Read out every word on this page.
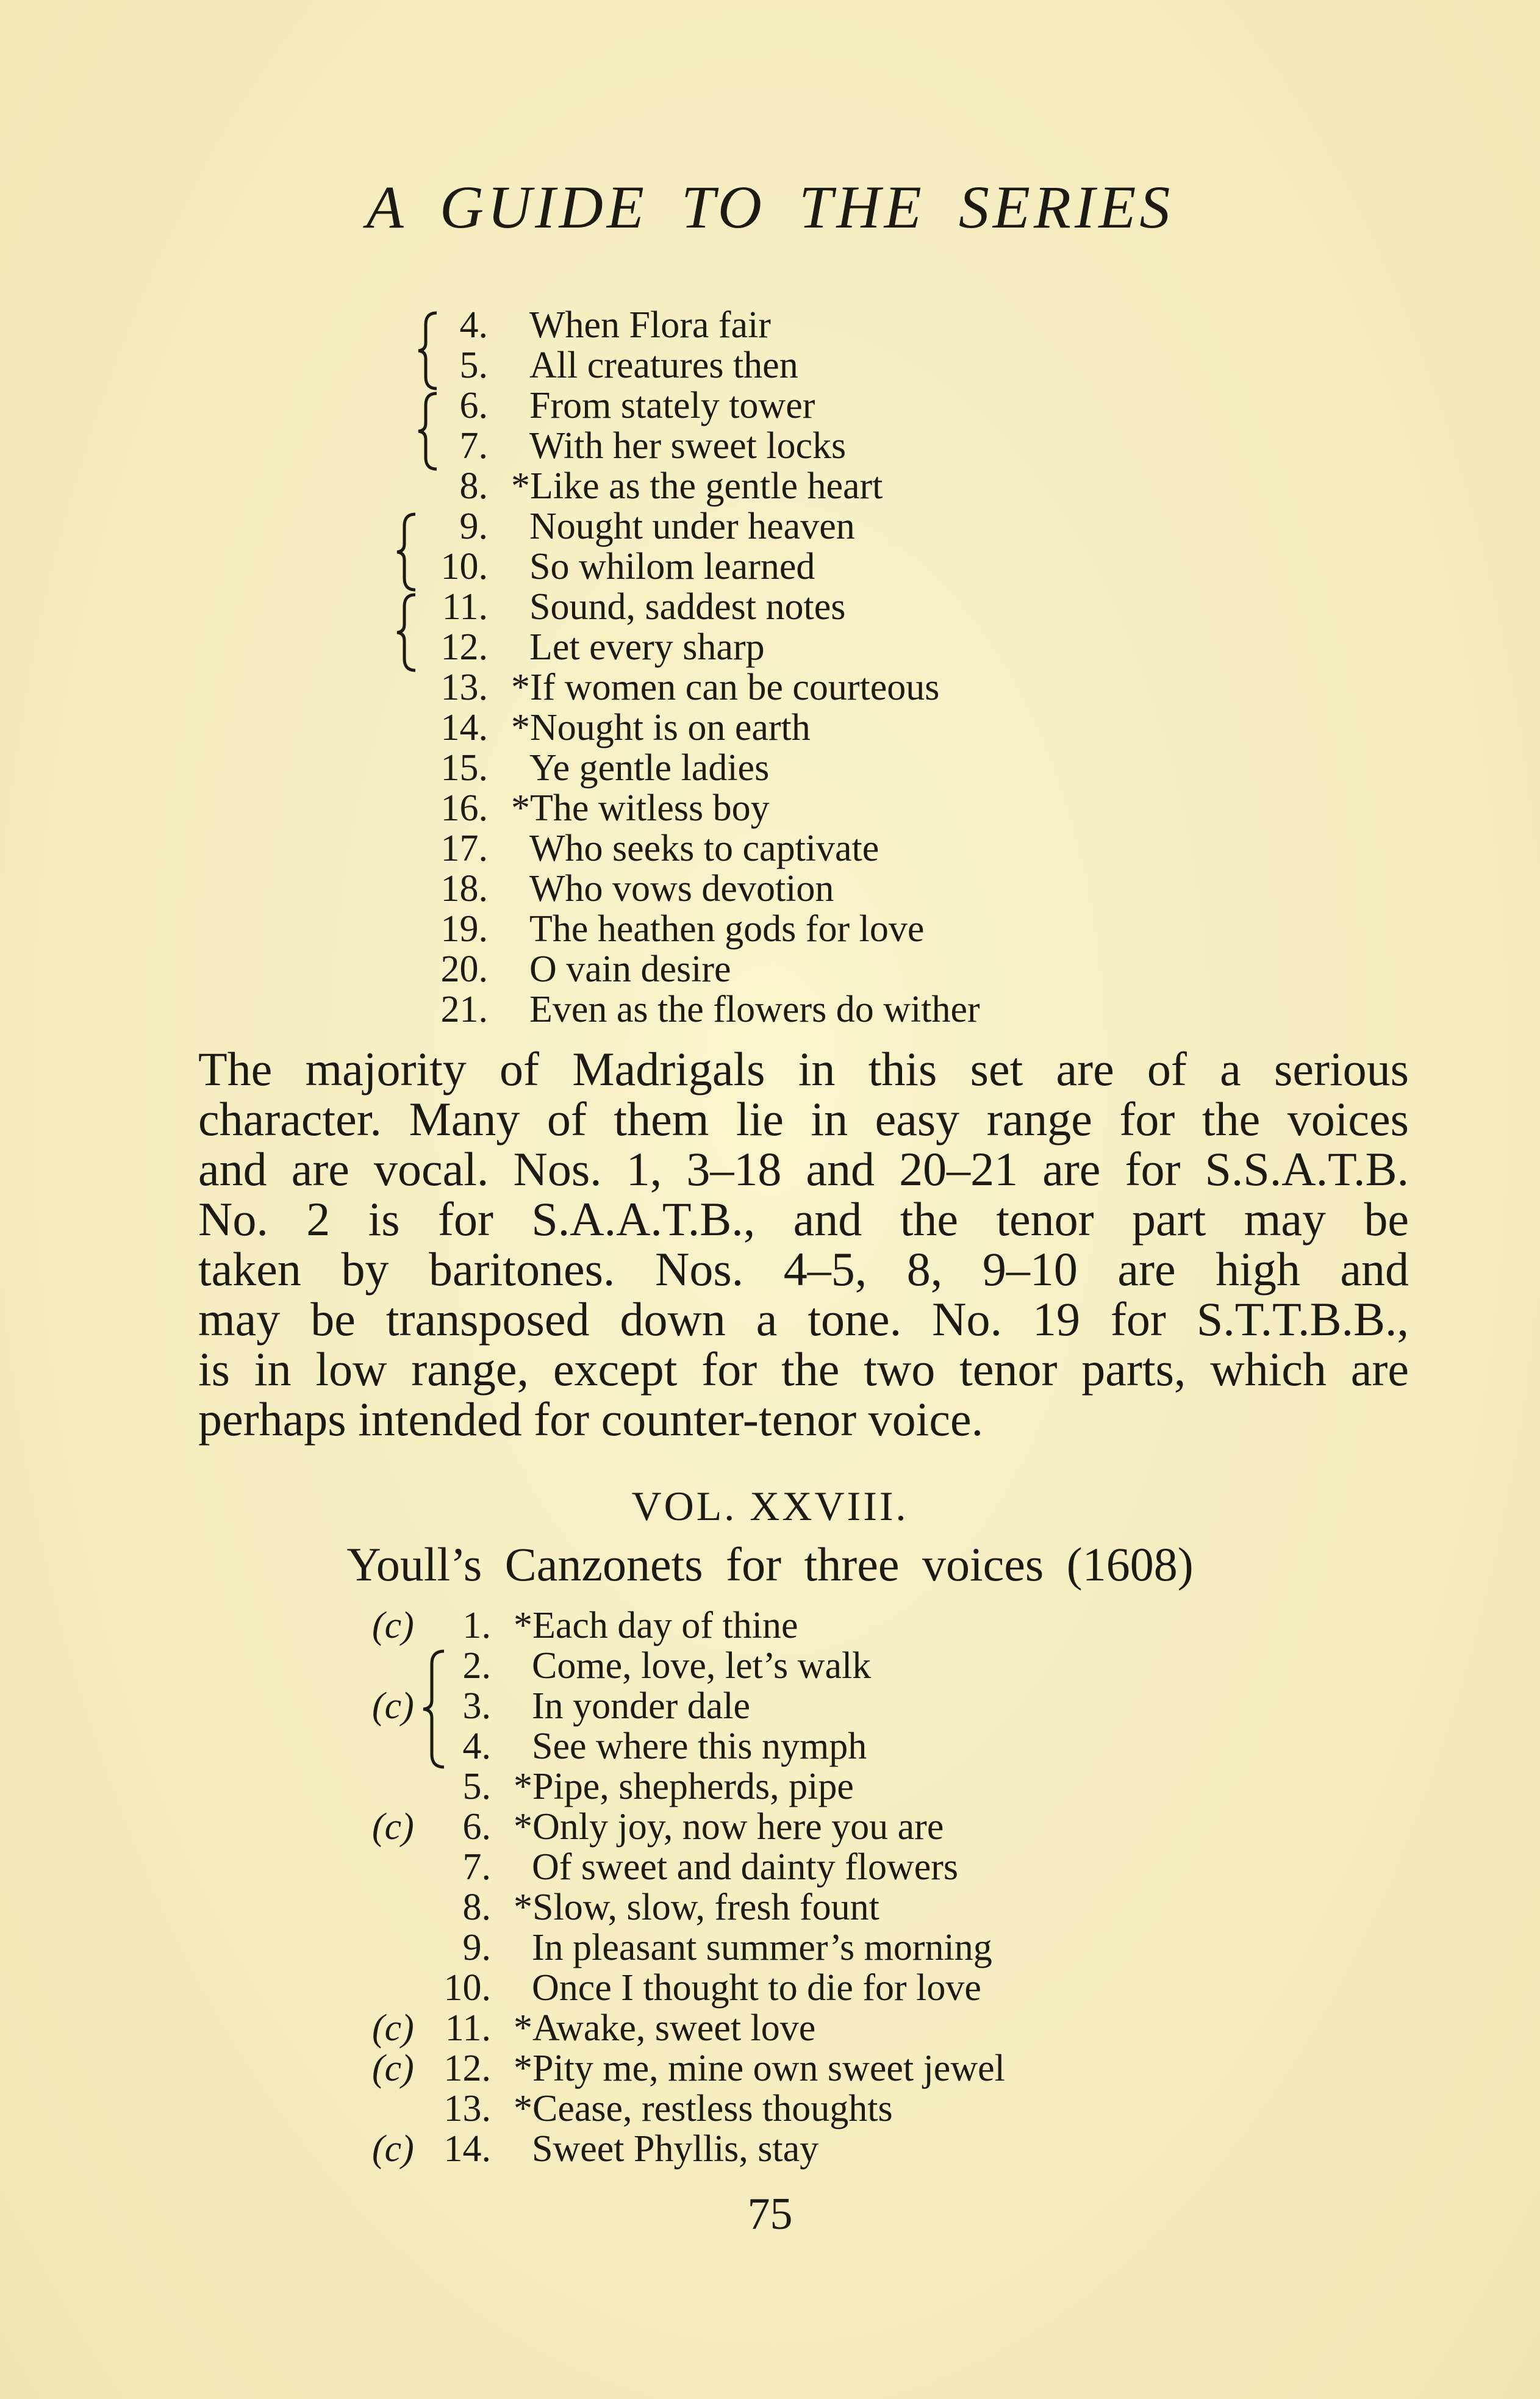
A GUIDE TO THE SERIES
4. When Flora fair
5. All creatures then
6. From stately tower
7. With her sweet locks
8. *Like as the gentle heart
9. Nought under heaven
10. So whilom learned
11. Sound, saddest notes
12. Let every sharp
13. *If women can be courteous
14. *Nought is on earth
15. Ye gentle ladies
16. *The witless boy
17. Who seeks to captivate
18. Who vows devotion
19. The heathen gods for love
20. O vain desire
21. Even as the flowers do wither
The majority of Madrigals in this set are of a serious
character. Many of them lie in easy range for the voices
and are vocal. Nos. 1, 3–18 and 20–21 are for S.S.A.T.B.
No. 2 is for S.A.A.T.B., and the tenor part may be
taken by baritones. Nos. 4–5, 8, 9–10 are high and
may be transposed down a tone. No. 19 for S.T.T.B.B.,
is in low range, except for the two tenor parts, which are
perhaps intended for counter-tenor voice.
VOL. XXVIII.
Youll’s Canzonets for three voices (1608)
(c)	1. *Each day of thine
2. Come, love, let’s walk
(c)	3. In yonder dale
4. See where this nymph
5. *Pipe, shepherds, pipe
(c)	6. *Only joy, now here you are
7. Of sweet and dainty flowers
8. *Slow, slow, fresh fount
9. In pleasant summer’s morning
10. Once I thought to die for love
(c) 11. *Awake, sweet love
(c) 12. *Pity me, mine own sweet jewel
13. *Cease, restless thoughts
(c) 14. Sweet Phyllis, stay
75
